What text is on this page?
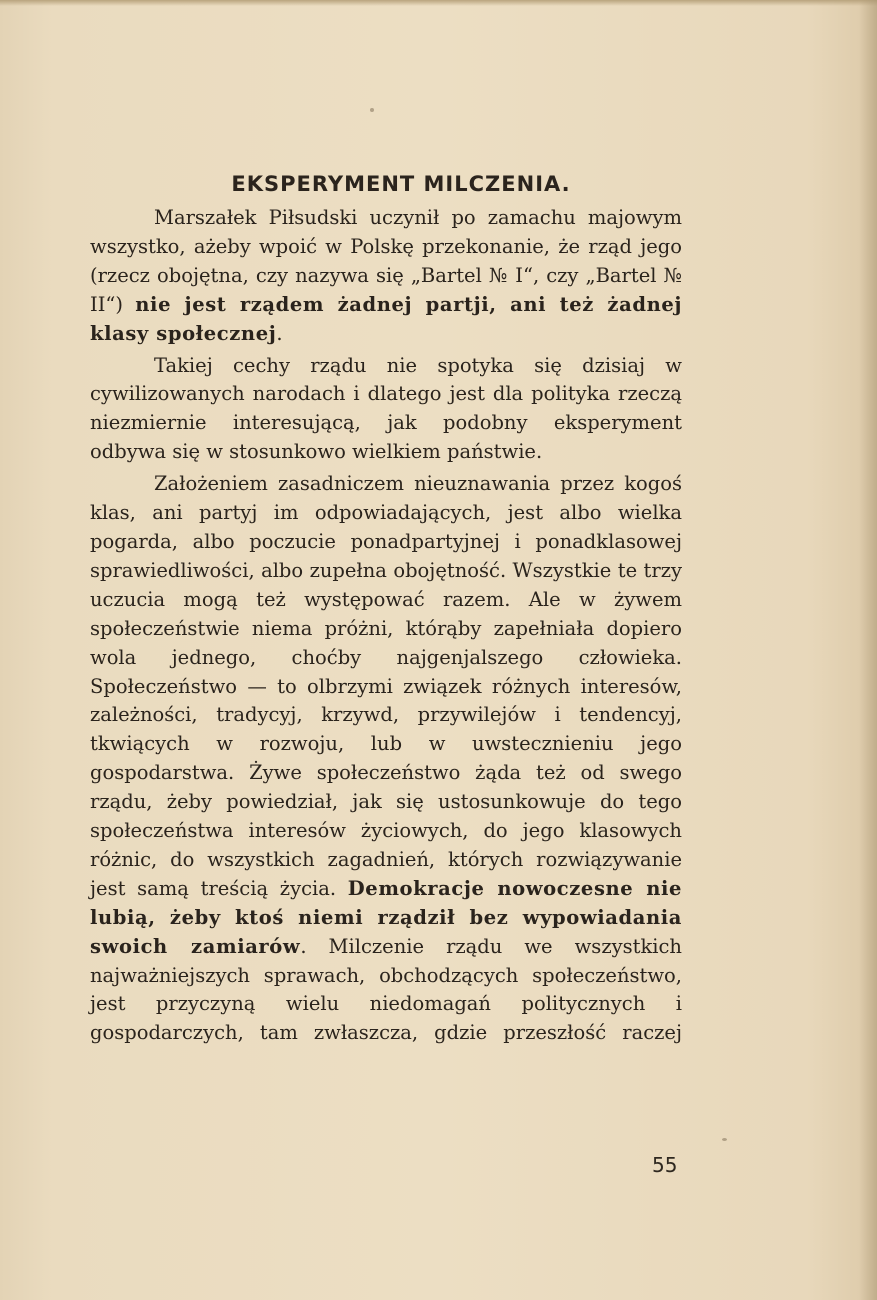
EKSPERYMENT MILCZENIA.

Marszałek Piłsudski uczynił po zamachu majowym wszystko, ażeby wpoić w Polskę przekonanie, że rząd jego (rzecz obojętna, czy nazywa się „Bartel № I“, czy „Bartel № II“) nie jest rządem żadnej partji, ani też żadnej klasy społecznej.

Takiej cechy rządu nie spotyka się dzisiaj w cywilizowanych narodach i dlatego jest dla polityka rzeczą niezmiernie interesującą, jak podobny eksperyment odbywa się w stosunkowo wielkiem państwie.

Założeniem zasadniczem nieuznawania przez kogoś klas, ani partyj im odpowiadających, jest albo wielka pogarda, albo poczucie ponadpartyjnej i ponadklasowej sprawiedliwości, albo zupełna obojętność. Wszystkie te trzy uczucia mogą też występować razem. Ale w żywem społeczeństwie niema próżni, którąby zapełniała dopiero wola jednego, choćby najgenjalszego człowieka. Społeczeństwo — to olbrzymi związek różnych interesów, zależności, tradycyj, krzywd, przywilejów i tendencyj, tkwiących w rozwoju, lub w uwstecznieniu jego gospodarstwa. Żywe społeczeństwo żąda też od swego rządu, żeby powiedział, jak się ustosunkowuje do tego społeczeństwa interesów życiowych, do jego klasowych różnic, do wszystkich zagadnień, których rozwiązywanie jest samą treścią życia. Demokracje nowoczesne nie lubią, żeby ktoś niemi rządził bez wypowiadania swoich zamiarów. Milczenie rządu we wszystkich najważniejszych sprawach, obchodzących społeczeństwo, jest przyczyną wielu niedomagań politycznych i gospodarczych, tam zwłaszcza, gdzie przeszłość raczej

55
